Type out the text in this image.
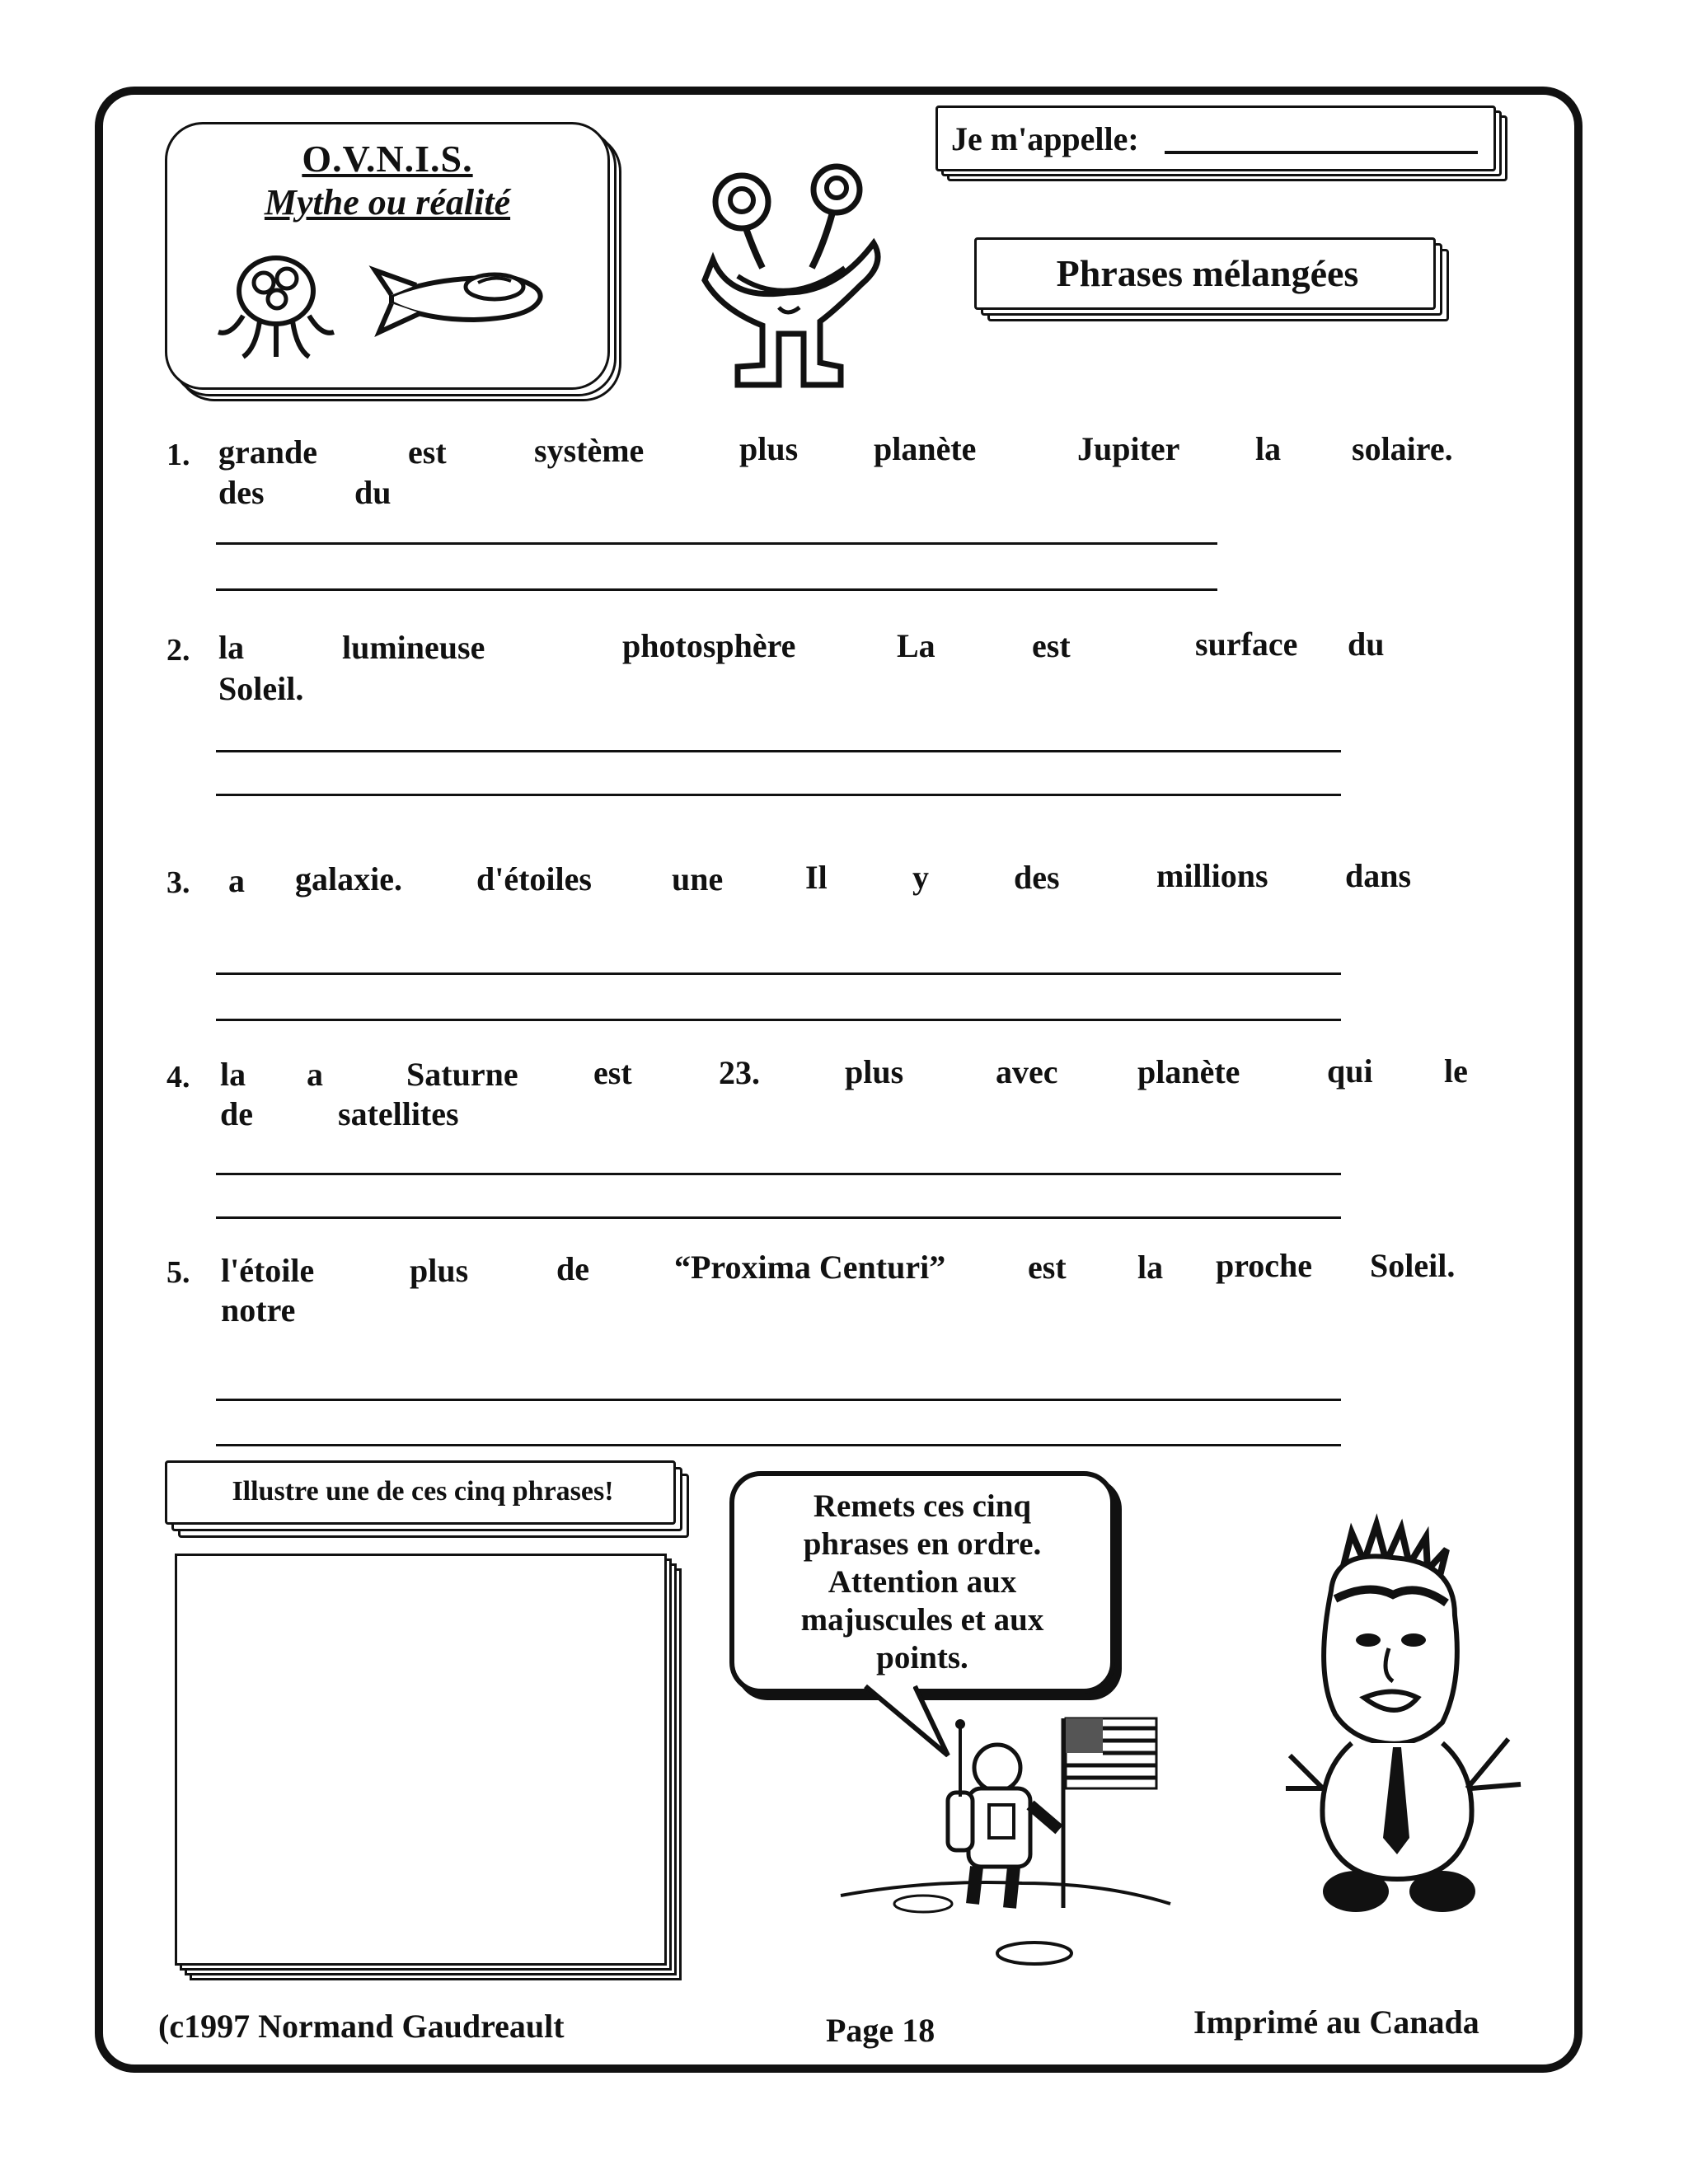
O.V.N.I.S.
Mythe ou réalité
Je m'appelle:
Phrases mélangées
1. grande	est	système	plus planète	Jupiter la solaire.
des	du
2. la	lumineuse	photosphère	La	est	surface du
Soleil.
3. a galaxie. d'étoiles une Il	y	des	millions dans
4. la a	Saturne est	23.	plus	avec planète	qui le
de	satellites
5. l'étoile	plus	de	“Proxima Centuri” est la proche Soleil.
notre
Illustre une de ces cinq phrases!	Remets ces cinq
phrases en ordre.
Attention aux
majuscules et aux
points.
(c1997 Normand Gaudreault	Page 18	Imprimé au Canada
